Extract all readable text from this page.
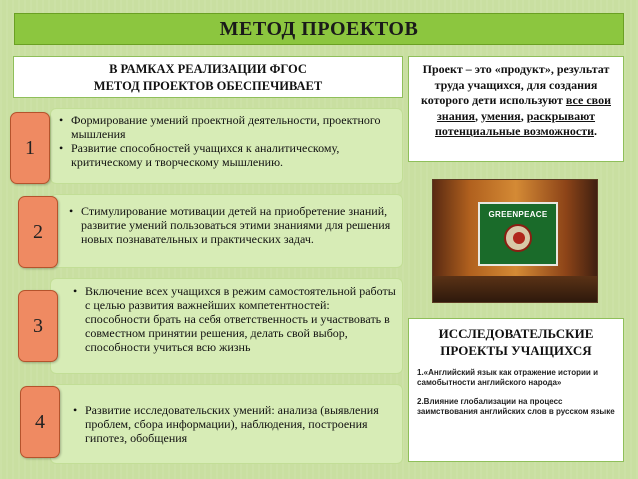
МЕТОД ПРОЕКТОВ
В РАМКАХ РЕАЛИЗАЦИИ ФГОС
МЕТОД ПРОЕКТОВ ОБЕСПЕЧИВАЕТ
• Формирование умений проектной деятельности, проектного мышления
• Развитие способностей учащихся к аналитическому, критическому и творческому мышлению.
1
• Стимулирование мотивации детей на приобретение знаний, развитие умений пользоваться этими знаниями для решения новых познавательных и практических задач.
2
• Включение всех учащихся в режим самостоятельной работы с целью развития важнейших компетентностей: способности брать на себя ответственность и участвовать в совместном принятии решения, делать свой выбор, способности учиться всю жизнь
3
• Развитие исследовательских умений: анализа (выявления проблем, сбора информации), наблюдения, построения гипотез, обобщения
4
Проект – это «продукт», результат труда учащихся, для создания которого дети используют все свои знания, умения, раскрывают потенциальные возможности.
GREENPEACE
ИССЛЕДОВАТЕЛЬСКИЕ ПРОЕКТЫ УЧАЩИХСЯ
1.«Английский язык как отражение истории и самобытности английского народа»
2.Влияние глобализации на процесс заимствования английских слов в русском языке
